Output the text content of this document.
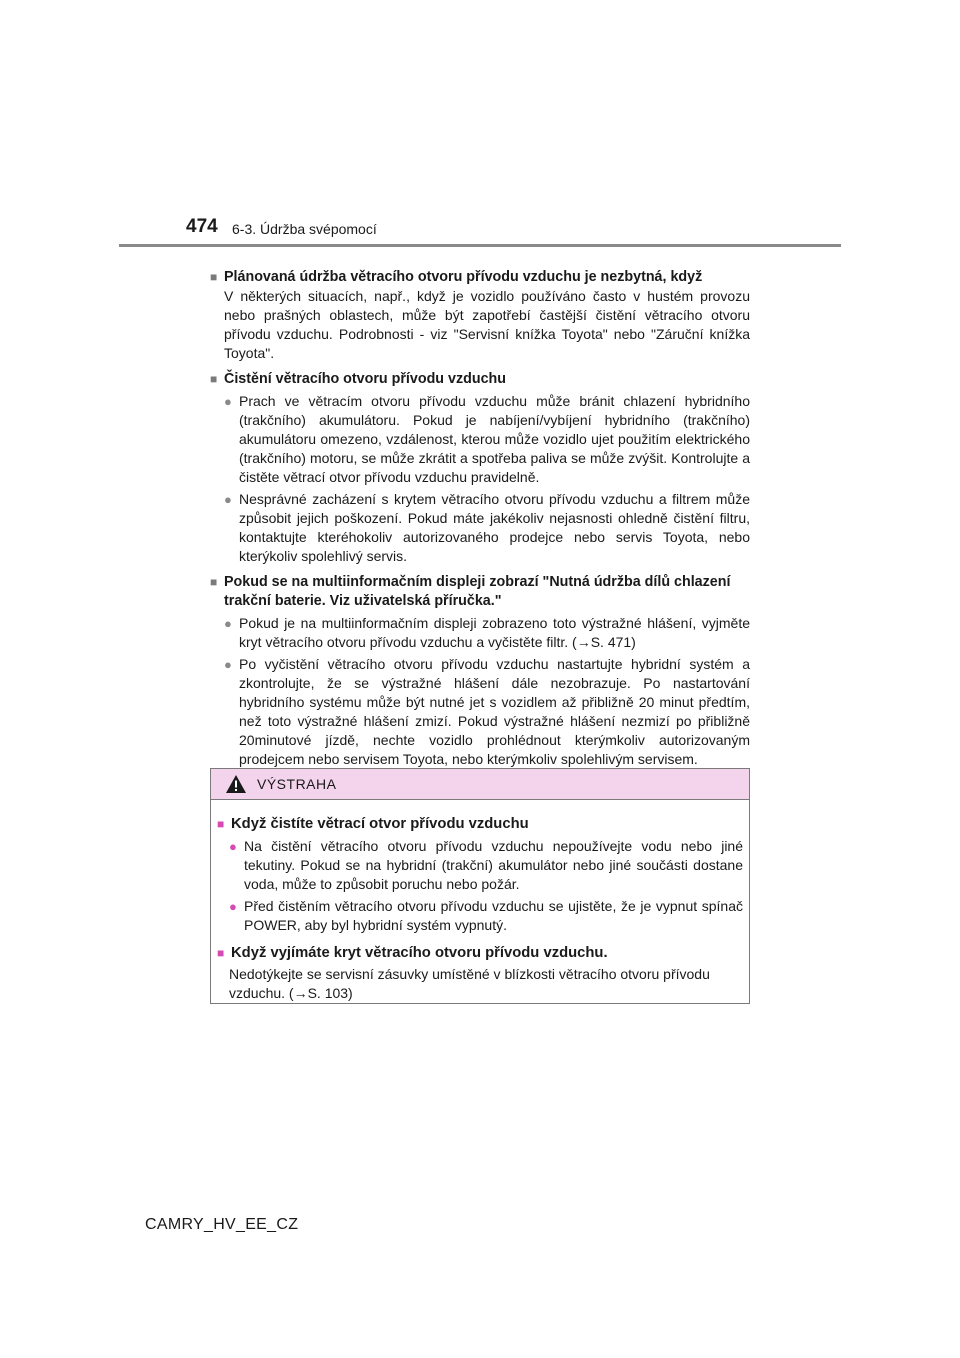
474 6-3. Údržba svépomocí
■ Plánovaná údržba větracího otvoru přívodu vzduchu je nezbytná, když
V některých situacích, např., když je vozidlo používáno často v hustém provozu nebo prašných oblastech, může být zapotřebí častější čistění větracího otvoru přívodu vzduchu. Podrobnosti - viz "Servisní knížka Toyota" nebo "Záruční knížka Toyota".
■ Čistění větracího otvoru přívodu vzduchu
● Prach ve větracím otvoru přívodu vzduchu může bránit chlazení hybridního (trakčního) akumulátoru. Pokud je nabíjení/vybíjení hybridního (trakčního) akumulátoru omezeno, vzdálenost, kterou může vozidlo ujet použitím elektrického (trakčního) motoru, se může zkrátit a spotřeba paliva se může zvýšit. Kontrolujte a čistěte větrací otvor přívodu vzduchu pravidelně.
● Nesprávné zacházení s krytem větracího otvoru přívodu vzduchu a filtrem může způsobit jejich poškození. Pokud máte jakékoliv nejasnosti ohledně čistění filtru, kontaktujte kteréhokoliv autorizovaného prodejce nebo servis Toyota, nebo kterýkoliv spolehlivý servis.
■ Pokud se na multiinformačním displeji zobrazí "Nutná údržba dílů chlazení trakční baterie. Viz uživatelská příručka."
● Pokud je na multiinformačním displeji zobrazeno toto výstražné hlášení, vyjměte kryt větracího otvoru přívodu vzduchu a vyčistěte filtr. (→S. 471)
● Po vyčistění větracího otvoru přívodu vzduchu nastartujte hybridní systém a zkontrolujte, že se výstražné hlášení dále nezobrazuje. Po nastartování hybridního systému může být nutné jet s vozidlem až přibližně 20 minut předtím, než toto výstražné hlášení zmizí. Pokud výstražné hlášení nezmizí po přibližně 20minutové jízdě, nechte vozidlo prohlédnout kterýmkoliv autorizovaným prodejcem nebo servisem Toyota, nebo kterýmkoliv spolehlivým servisem.
VÝSTRAHA
■ Když čistíte větrací otvor přívodu vzduchu
● Na čistění větracího otvoru přívodu vzduchu nepoužívejte vodu nebo jiné tekutiny. Pokud se na hybridní (trakční) akumulátor nebo jiné součásti dostane voda, může to způsobit poruchu nebo požár.
● Před čistěním větracího otvoru přívodu vzduchu se ujistěte, že je vypnut spínač POWER, aby byl hybridní systém vypnutý.
■ Když vyjímáte kryt větracího otvoru přívodu vzduchu.
Nedotýkejte se servisní zásuvky umístěné v blízkosti větracího otvoru přívodu vzduchu. (→S. 103)
CAMRY_HV_EE_CZ
